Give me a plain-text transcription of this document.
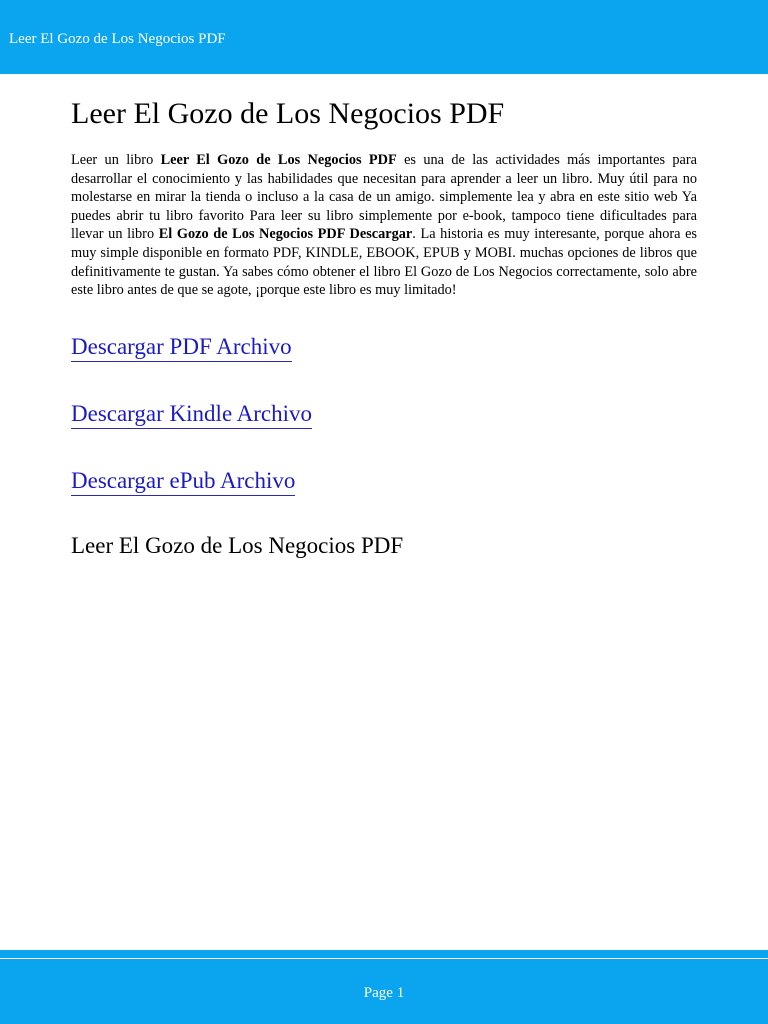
Leer El Gozo de Los Negocios PDF
Leer El Gozo de Los Negocios PDF

Leer un libro Leer El Gozo de Los Negocios PDF es una de las actividades más importantes para desarrollar el conocimiento y las habilidades que necesitan para aprender a leer un libro. Muy útil para no molestarse en mirar la tienda o incluso a la casa de un amigo. simplemente lea y abra en este sitio web Ya puedes abrir tu libro favorito Para leer su libro simplemente por e-book, tampoco tiene dificultades para llevar un libro El Gozo de Los Negocios PDF Descargar. La historia es muy interesante, porque ahora es muy simple disponible en formato PDF, KINDLE, EBOOK, EPUB y MOBI. muchas opciones de libros que definitivamente te gustan. Ya sabes cómo obtener el libro El Gozo de Los Negocios correctamente, solo abre este libro antes de que se agote, ¡porque este libro es muy limitado!

Descargar PDF Archivo
Descargar Kindle Archivo
Descargar ePub Archivo
Leer El Gozo de Los Negocios PDF
Page 1
